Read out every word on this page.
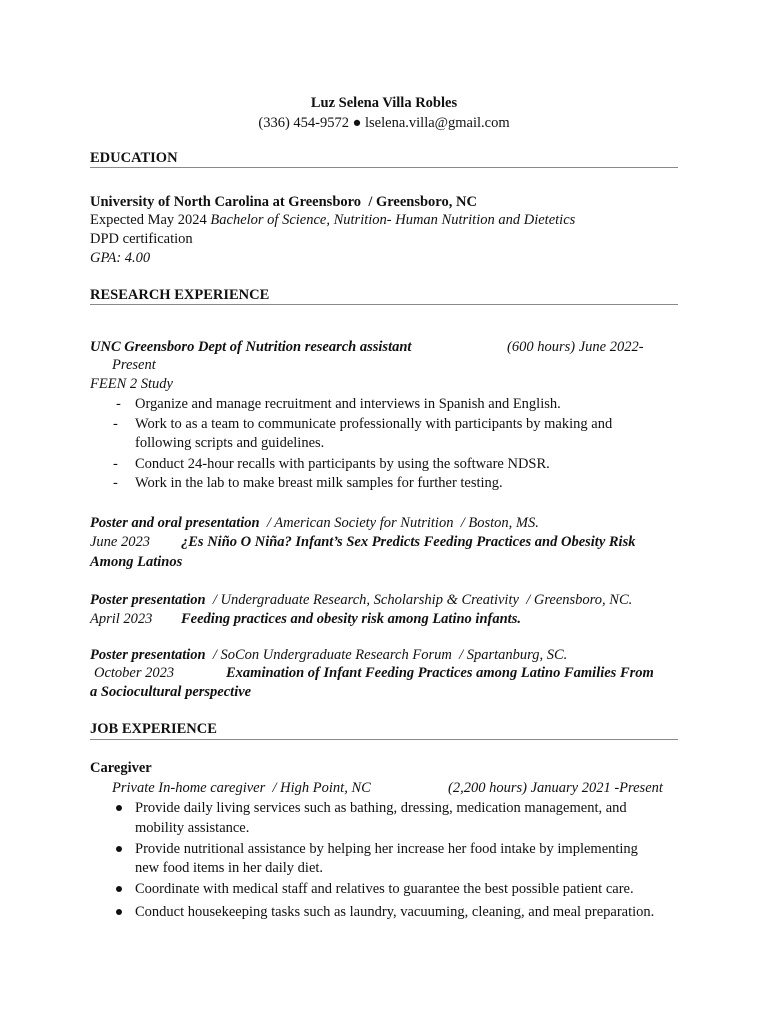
Luz Selena Villa Robles
(336) 454-9572 ● lselena.villa@gmail.com
EDUCATION
University of North Carolina at Greensboro / Greensboro, NC
Expected May 2024 Bachelor of Science, Nutrition- Human Nutrition and Dietetics
DPD certification
GPA: 4.00
RESEARCH EXPERIENCE
UNC Greensboro Dept of Nutrition research assistant	(600 hours) June 2022-
Present
FEEN 2 Study
- Organize and manage recruitment and interviews in Spanish and English.
- Work to as a team to communicate professionally with participants by making and
following scripts and guidelines.
- Conduct 24-hour recalls with participants by using the software NDSR.
- Work in the lab to make breast milk samples for further testing.
Poster and oral presentation / American Society for Nutrition / Boston, MS.
June 2023 ¿Es Niño O Niña? Infant’s Sex Predicts Feeding Practices and Obesity Risk
Among Latinos
Poster presentation / Undergraduate Research, Scholarship & Creativity / Greensboro, NC.
April 2023 Feeding practices and obesity risk among Latino infants.
Poster presentation / SoCon Undergraduate Research Forum / Spartanburg, SC.
October 2023	Examination of Infant Feeding Practices among Latino Families From
a Sociocultural perspective
JOB EXPERIENCE
Caregiver
Private In-home caregiver / High Point, NC	(2,200 hours) January 2021 -Present
Provide daily living services such as bathing, dressing, medication management, and
mobility assistance.
Provide nutritional assistance by helping her increase her food intake by implementing
new food items in her daily diet.
Coordinate with medical staff and relatives to guarantee the best possible patient care.
Conduct housekeeping tasks such as laundry, vacuuming, cleaning, and meal preparation.
